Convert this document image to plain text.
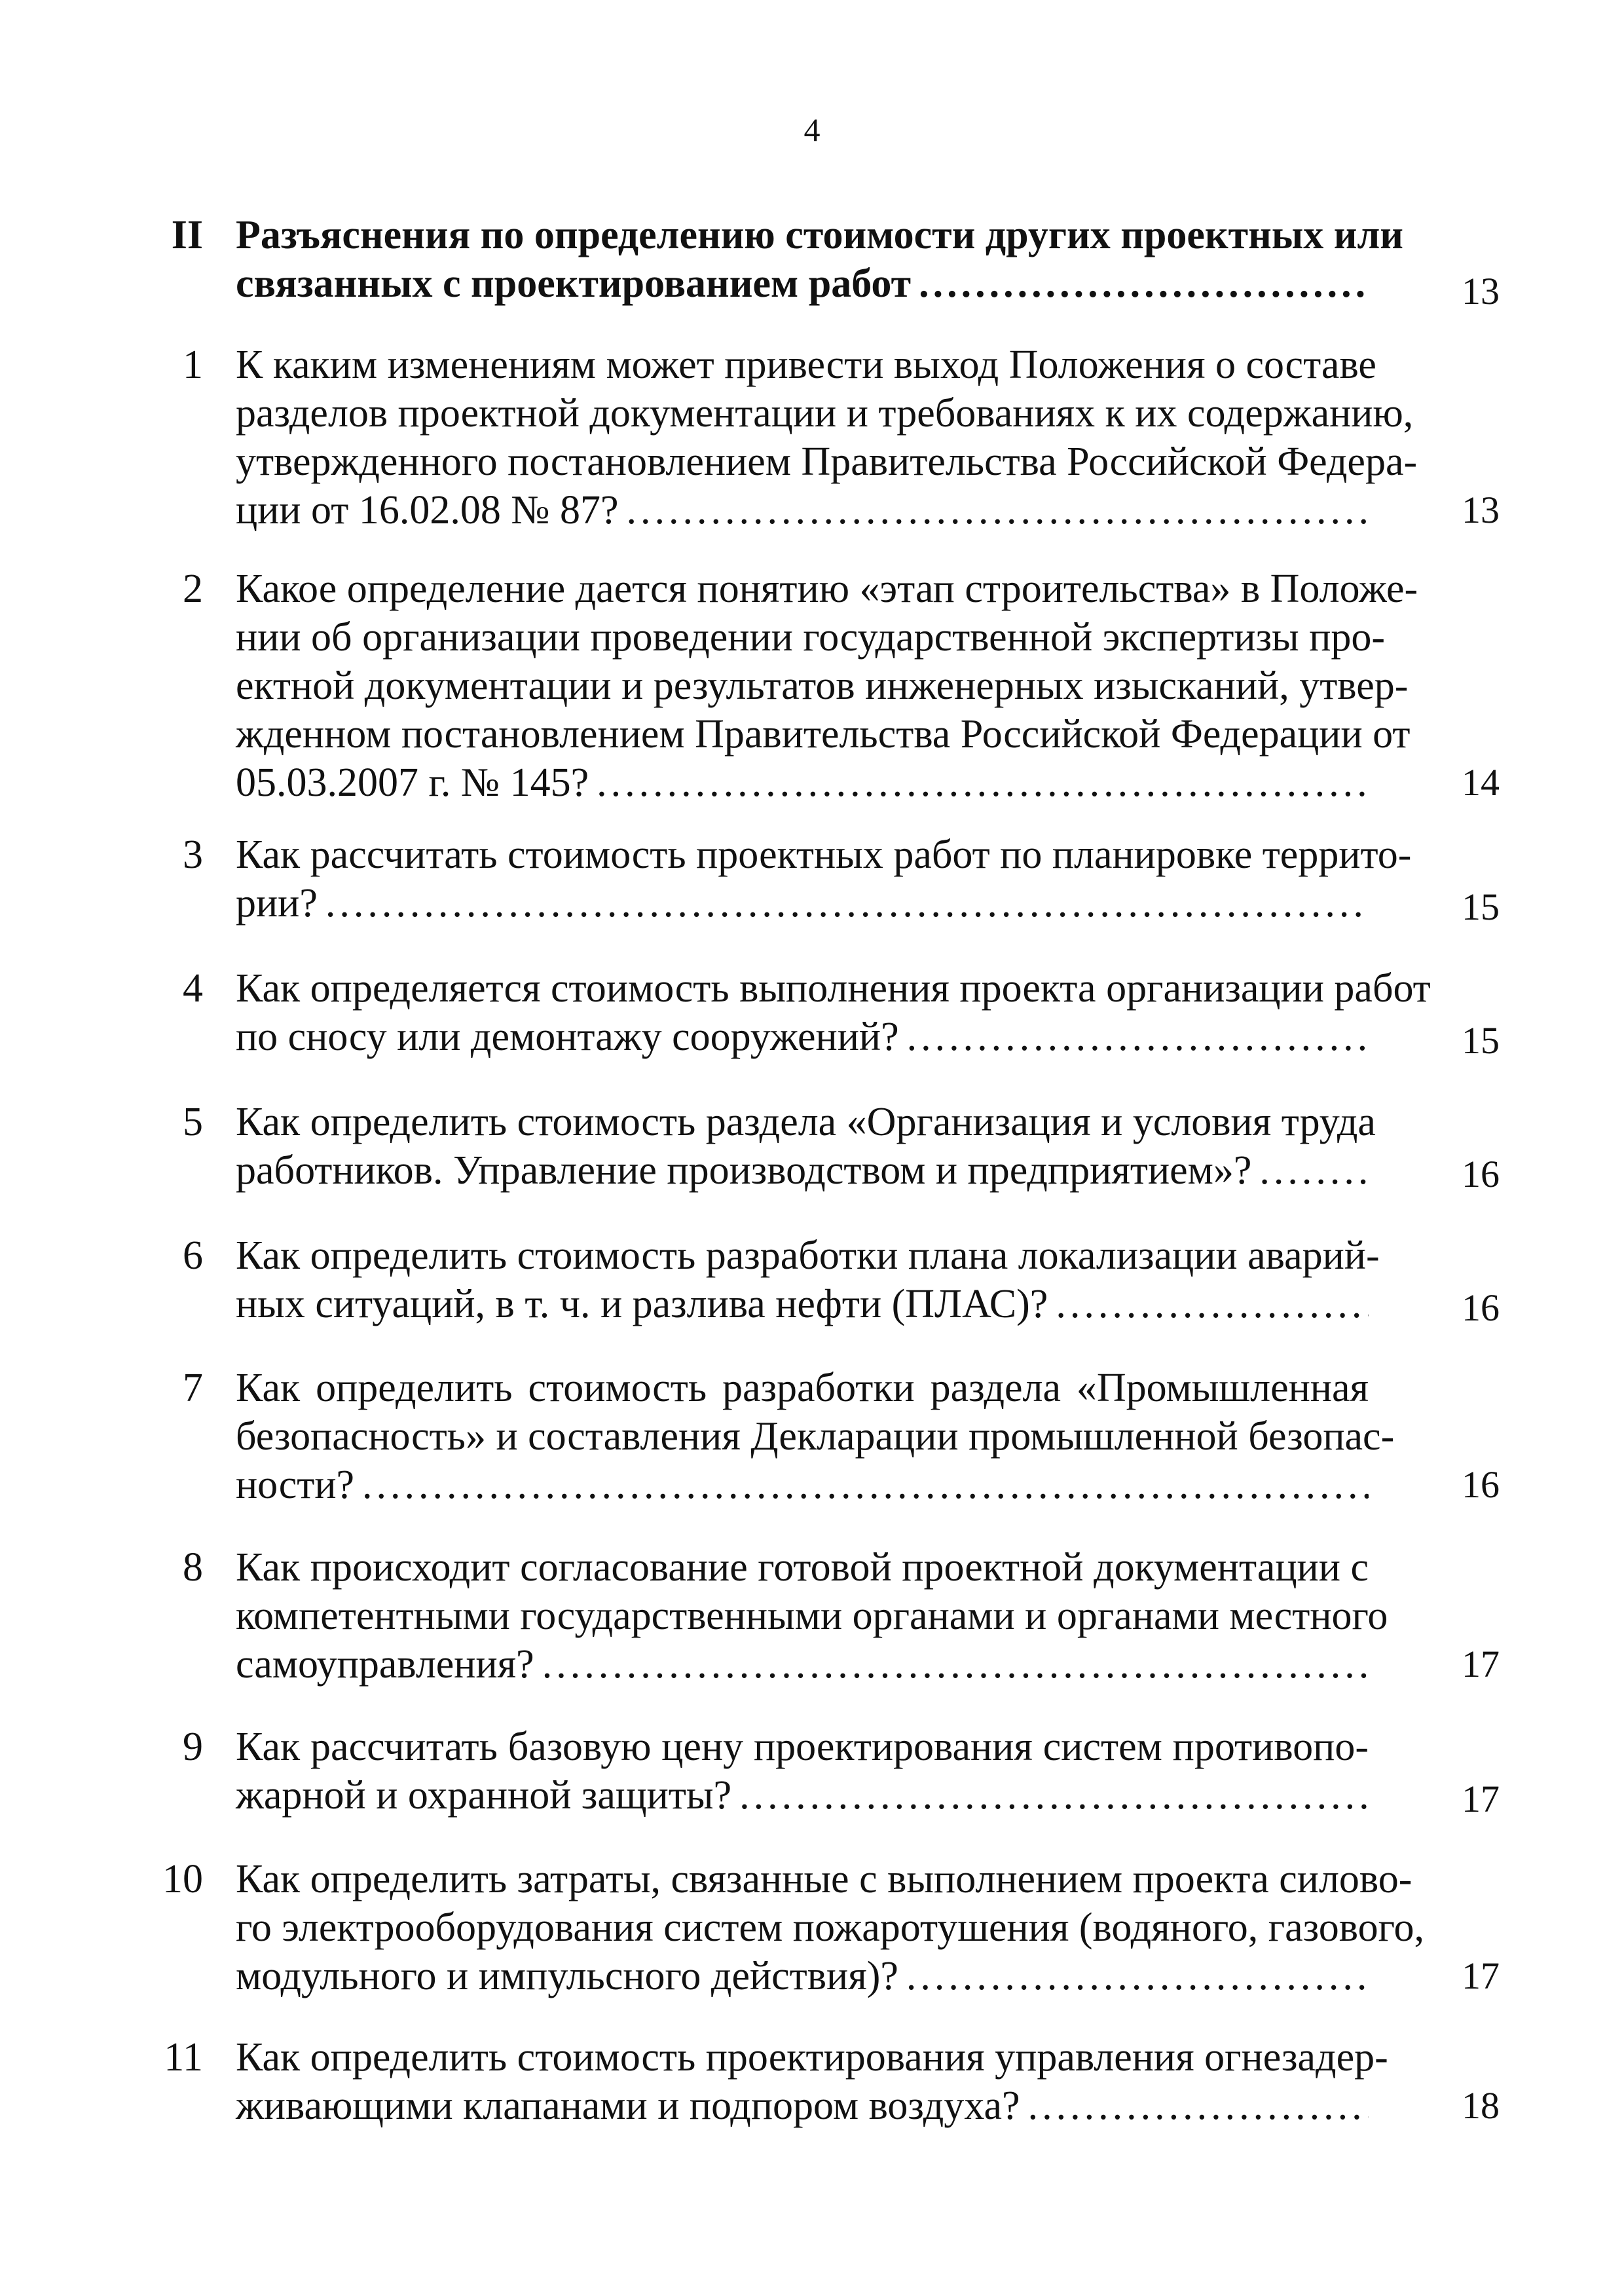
4
II Разъяснения по определению стоимости других проектных или
связанных с проектированием работ .....	13
1 К каким изменениям может привести выход Положения о составе
разделов проектной документации и требованиях к их содержанию,
утвержденного постановлением Правительства Российской Федера-
ции от 16.02.08 № 87? .....	13
2 Какое определение дается понятию «этап строительства» в Положе-
нии об организации проведении государственной экспертизы про-
ектной документации и результатов инженерных изысканий, утвер-
жденном постановлением Правительства Российской Федерации от
05.03.2007 г. № 145? .....	14
3 Как рассчитать стоимость проектных работ по планировке террито-
рии? .....	15
4 Как определяется стоимость выполнения проекта организации работ
по сносу или демонтажу сооружений? .....	15
5 Как определить стоимость раздела «Организация и условия труда
работников. Управление производством и предприятием»? .....	16
6 Как определить стоимость разработки плана локализации аварий-
ных ситуаций, в т. ч. и разлива нефти (ПЛАС)? .....	16
7 Как определить стоимость разработки раздела «Промышленная
безопасность» и составления Декларации промышленной безопас-
ности? .....	16
8 Как происходит согласование готовой проектной документации с
компетентными государственными органами и органами местного
самоуправления? .....	17
9 Как рассчитать базовую цену проектирования систем противопо-
жарной и охранной защиты? .....	17
10 Как определить затраты, связанные с выполнением проекта силово-
го электрооборудования систем пожаротушения (водяного, газового,
модульного и импульсного действия)? .....	17
11 Как определить стоимость проектирования управления огнезадер-
живающими клапанами и подпором воздуха? .....	18
